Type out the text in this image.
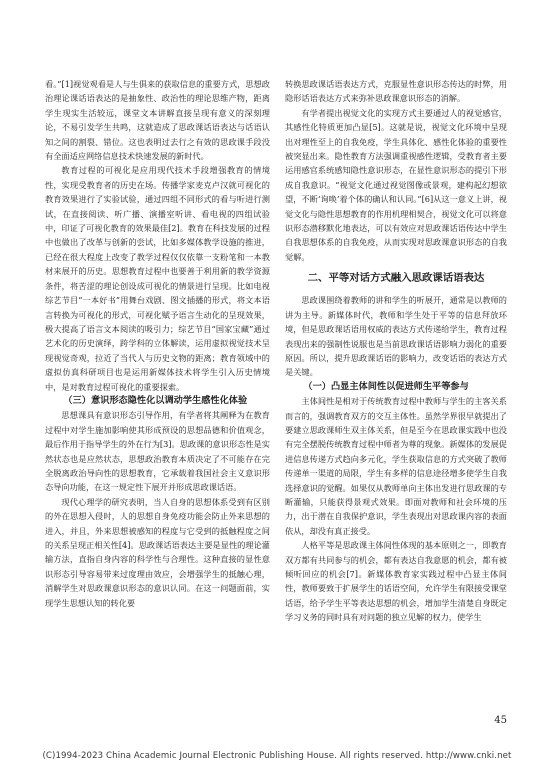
看。”[1]视觉观看是人与生俱来的获取信息的重要方式，思想政治理论课话语表达的是抽象性、政治性的理论思维产物，距离学生现实生活较远，课堂文本讲解直接呈现有意义的深刻理论，不易引发学生共鸣，这就造成了思政课话语表达与话语认知之间的割裂、错位。这也表明过去行之有效的思政课手段没有全面适应网络信息技术快速发展的新时代。

教育过程的可视化是应用现代技术手段增强教育的情境性，实现受教育者的历史在场。传播学家麦克卢汉就可视化的教育效果进行了实验试验，通过四组不同形式的看与听进行测试，在直接阅读、听广播、演播室听讲、看电视的四组试验中，印证了可视化教育的效果最佳[2]。教育在科技发展的过程中也做出了改革与创新的尝试，比如多媒体教学设施的推进，已经在很大程度上改变了教学过程仅仅依靠一支粉笔和一本教材来展开的历史。思想教育过程中也要善于利用新的教学资源条件，将苦涩的理论创设成可视化的情景进行呈现。比如电视综艺节目“一本好书”用舞台戏剧、图文插播的形式，将文本语言转换为可视化的形式，可视化赋予语言生动化的呈现效果，极大提高了语言文本阅读的吸引力；综艺节目“国家宝藏”通过艺术化的历史演绎，跨学科的立体解读，运用虚拟视觉技术呈现视觉奇观，拉近了当代人与历史文物的距离；教育领域中的虚拟仿真科研项目也是运用新媒体技术将学生引入历史情境中，是对教育过程可视化的重要探索。

（三）意识形态隐性化以调动学生感性化体验

思想课具有意识形态引导作用，有学者将其阐释为在教育过程中对学生施加影响使其形成预设的思想品德和价值观念，最后作用于指导学生的外在行为[3]。思政课的意识形态性是实然状态也是应然状态，思想政治教育本质决定了不可能存在完全脱离政治导向性的思想教育，它承载着我国社会主义意识形态导向功能，在这一规定性下展开并形成思政课话语。

现代心理学的研究表明，当人自身的思想体系受到有区别的外在思想入侵时，人的思想自身免疫功能会防止外来思想的进入，并且，外来思想被感知的程度与它受到的抵触程度之间的关系呈现正相关性[4]。思政课话语表达主要是显性的理论灌输方法，直指自身内容的科学性与合理性。这种直接的显性意识形态引导容易带来过度理由效应，会增强学生的抵触心理，消解学生对思政课意识形态的意识认同。在这一问题面前，实现学生思想认知的转化要

转换思政课话语表达方式，克服显性意识形态传达的时弊，用隐形话语表达方式来弥补思政课意识形态的消解。

有学者提出视觉文化的实现方式主要通过人的视觉感官，其感性化特质更加凸显[5]。这就是说，视觉文化环境中呈现出对理性至上的自我免疫，学生具体化、感性化体验的重要性被突显出来。隐性教育方法强调重视感性逻辑，受教育者主要运用感官系统感知隐性意识形态，在显性意识形态的提引下形成自我意识。“视觉文化通过视觉图像或景观，建构起幻想欲望，不断‘询唤’着个体的确认和认同。”[6]从这一意义上讲，视觉文化与隐性思想教育的作用机理相契合，视觉文化可以将意识形态潜移默化地表达，可以有效应对思政课话语传达中学生自我思想体系的自我免疫，从而实现对思政课意识形态的自我觉解。

二、平等对话方式融入思政课话语表达

思政课围绕着教师的讲和学生的听展开，通常是以教师的讲为主导。新媒体时代，教师和学生处于平等的信息拜放环境，但是思政课话语用权威的表达方式传递给学生，教育过程表现出来的强制性说服也是当前思政课话语影响力弱化的重要原因。所以，提升思政课话语的影响力，改变话语的表达方式是关键。

（一）凸显主体间性以促进师生平等参与

主体间性是相对于传统教育过程中教师与学生的主客关系而言的，强调教育双方的交互主体性。虽然学界很早就提出了要建立思政课师生双主体关系，但是至今在思政课实践中也没有完全摆脱传统教育过程中师者为尊的现象。新媒体的发展促进信息传递方式趋向多元化，学生获取信息的方式突破了教师传递单一渠道的局限，学生有多样的信息途径增多使学生自我选择意识的觉醒。如果仅从教师单向主体出发进行思政课的专断灌输，只能获得景观式效果。即面对教师和社会环境的压力，出于潜在自我保护意识，学生表现出对思政课内容的表面依从，却没有真正接受。

人格平等是思政课主体间性体现的基本原则之一，即教育双方都有共同参与的机会，都有表达自我意愿的机会，都有被倾听回应的机会[7]。新媒体教育家实践过程中凸显主体间性，教师要致于扩展学生的话语空间，允许学生有限接受课堂话语，给予学生平等表达思想的机会，增加学生清楚自身既定学习义务的同时具有对问题的独立见解的权力，使学生

45
(C)1994-2023 China Academic Journal Electronic Publishing House. All rights reserved. http://www.cnki.net
